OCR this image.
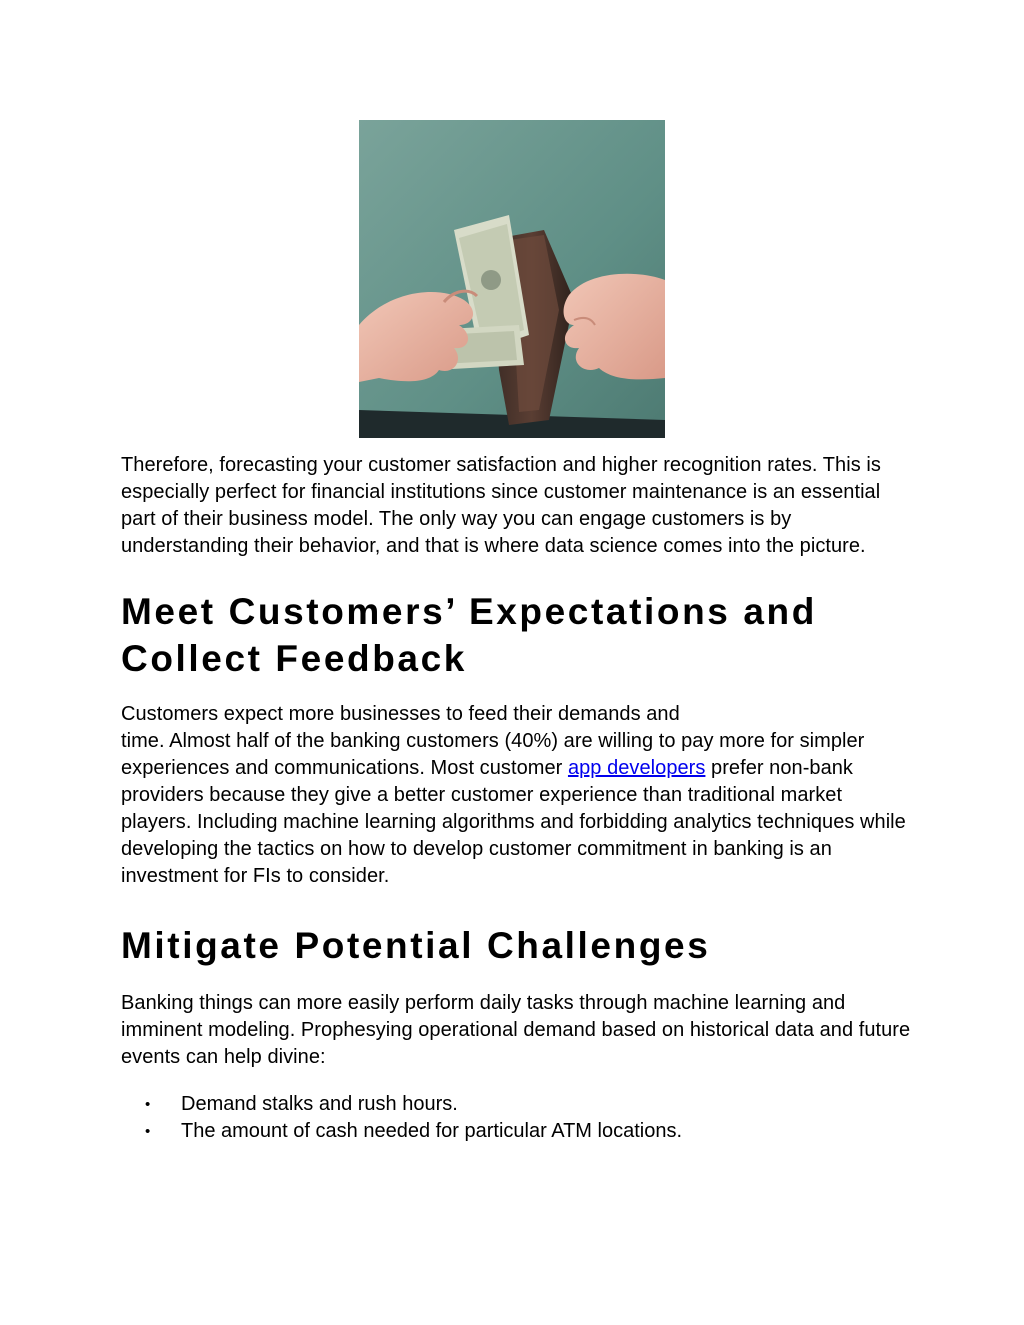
Therefore, forecasting your customer satisfaction and higher recognition rates. This is especially perfect for financial institutions since customer maintenance is an essential part of their business model. The only way you can engage customers is by understanding their behavior, and that is where data science comes into the picture.

Meet Customers’ Expectations and
Collect Feedback

Customers expect more businesses to feed their demands and
time. Almost half of the banking customers (40%) are willing to pay more for simpler experiences and communications. Most customer app developers prefer non-bank providers because they give a better customer experience than traditional market players. Including machine learning algorithms and forbidding analytics techniques while developing the tactics on how to develop customer commitment in banking is an investment for FIs to consider.

Mitigate Potential Challenges

Banking things can more easily perform daily tasks through machine learning and imminent modeling. Prophesying operational demand based on historical data and future events can help divine:

• Demand stalks and rush hours.
• The amount of cash needed for particular ATM locations.
